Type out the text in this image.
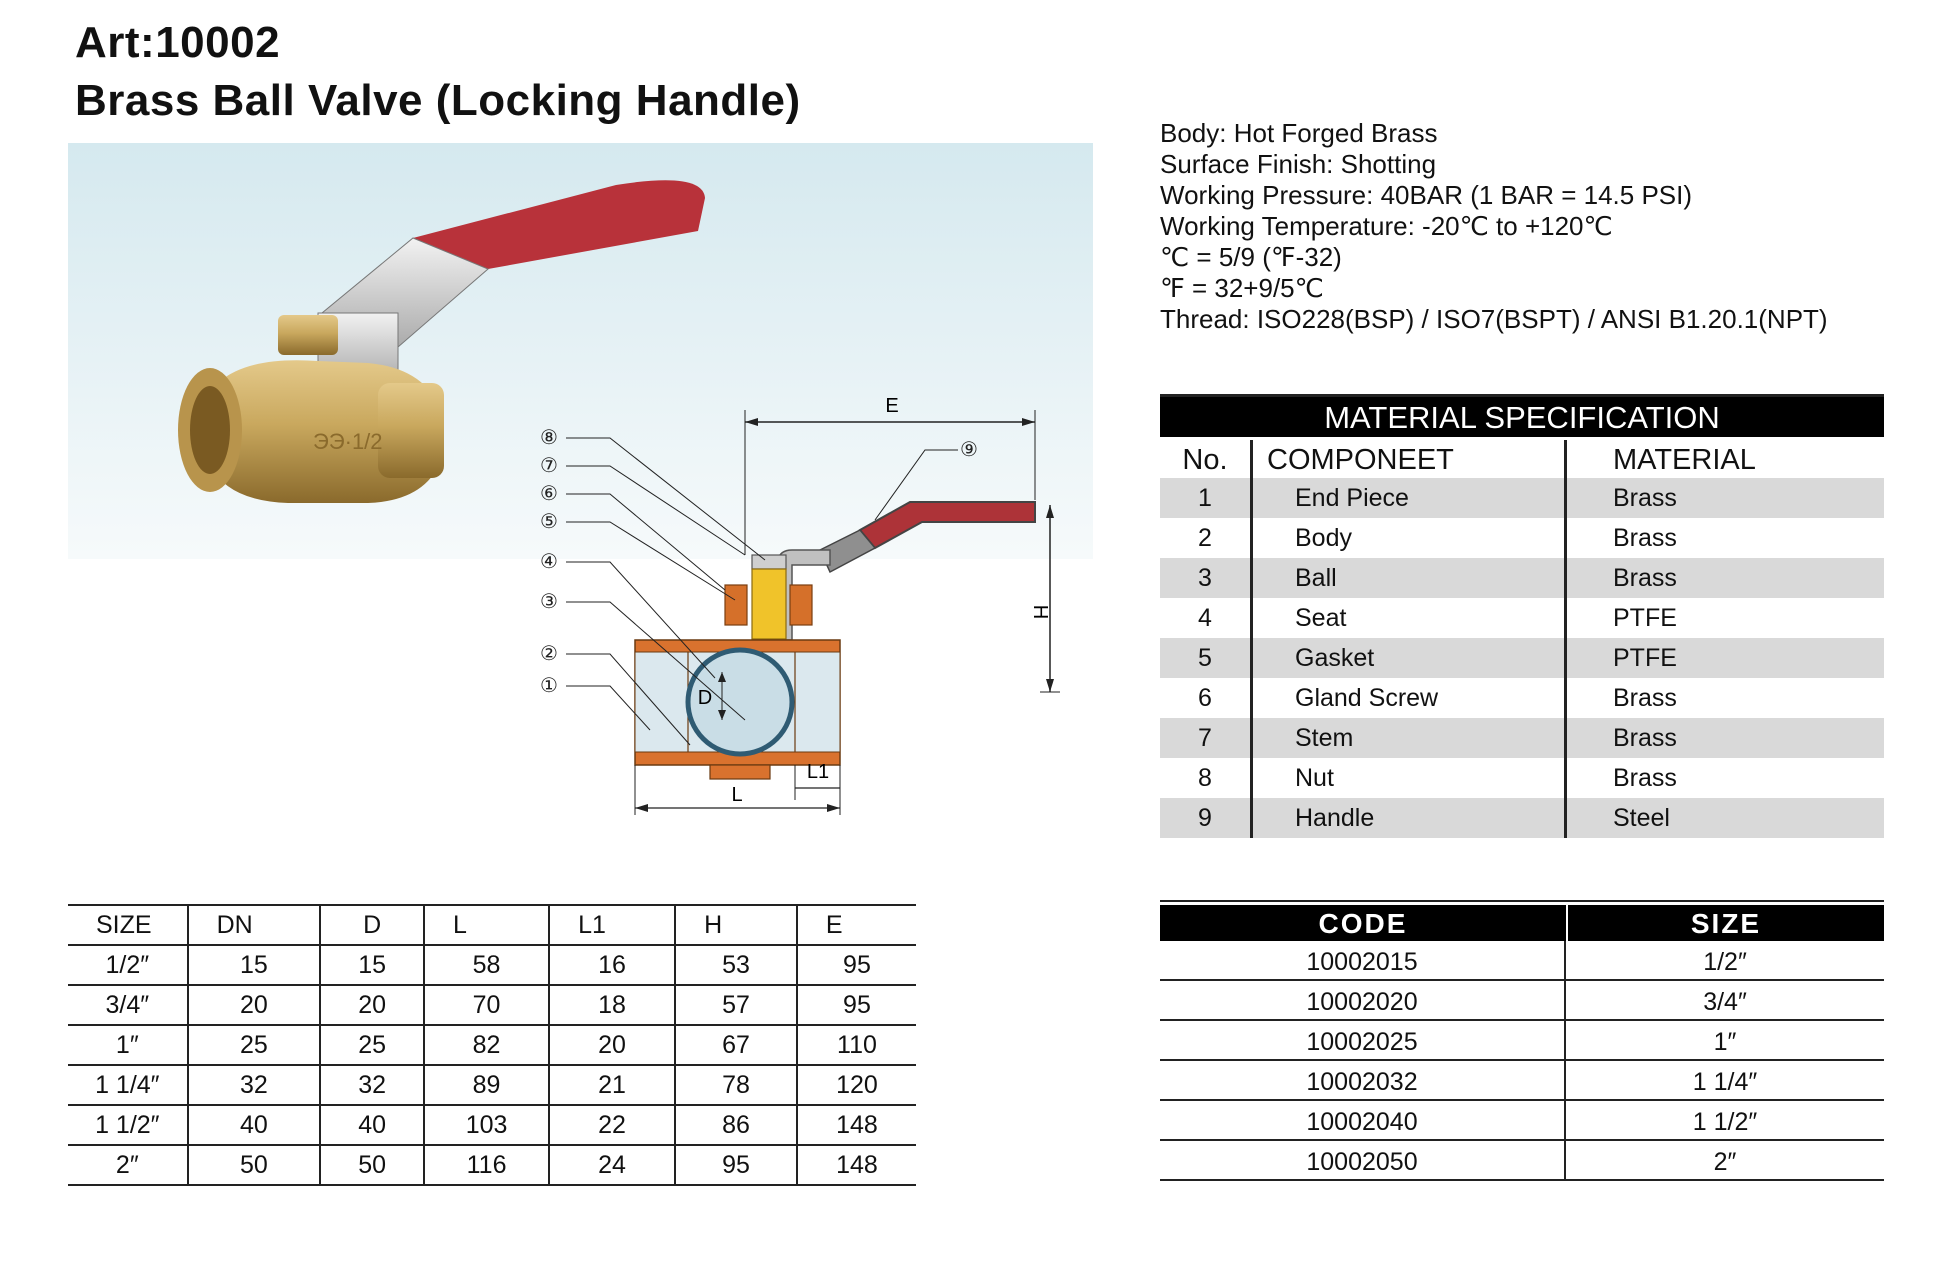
Art:10002
Brass Ball Valve (Locking Handle)
ЭЭ·1/2
Body: Hot Forged Brass
Surface Finish: Shotting
Working Pressure: 40BAR (1 BAR = 14.5 PSI)
Working Temperature: -20℃ to +120℃
℃ = 5/9 (℉-32)
℉ = 32+9/5℃
Thread: ISO228(BSP) / ISO7(BSPT) / ANSI B1.20.1(NPT)
E
H
D
L1
L
⑧
⑦
⑥
⑤
④
③
②
①
⑨
MATERIAL SPECIFICATION
No.	COMPONEET	MATERIAL
1	End Piece	Brass
2	Body	Brass
3	Ball	Brass
4	Seat	PTFE
5	Gasket	PTFE
6	Gland Screw	Brass
7	Stem	Brass
8	Nut	Brass
9	Handle	Steel
SIZE	DN	D	L	L1	H	E
1/2″	15	15	58	16	53	95
3/4″	20	20	70	18	57	95
1″	25	25	82	20	67	110
1 1/4″	32	32	89	21	78	120
1 1/2″	40	40	103	22	86	148
2″	50	50	116	24	95	148
CODE	SIZE
10002015	1/2″
10002020	3/4″
10002025	1″
10002032	1 1/4″
10002040	1 1/2″
10002050	2″
